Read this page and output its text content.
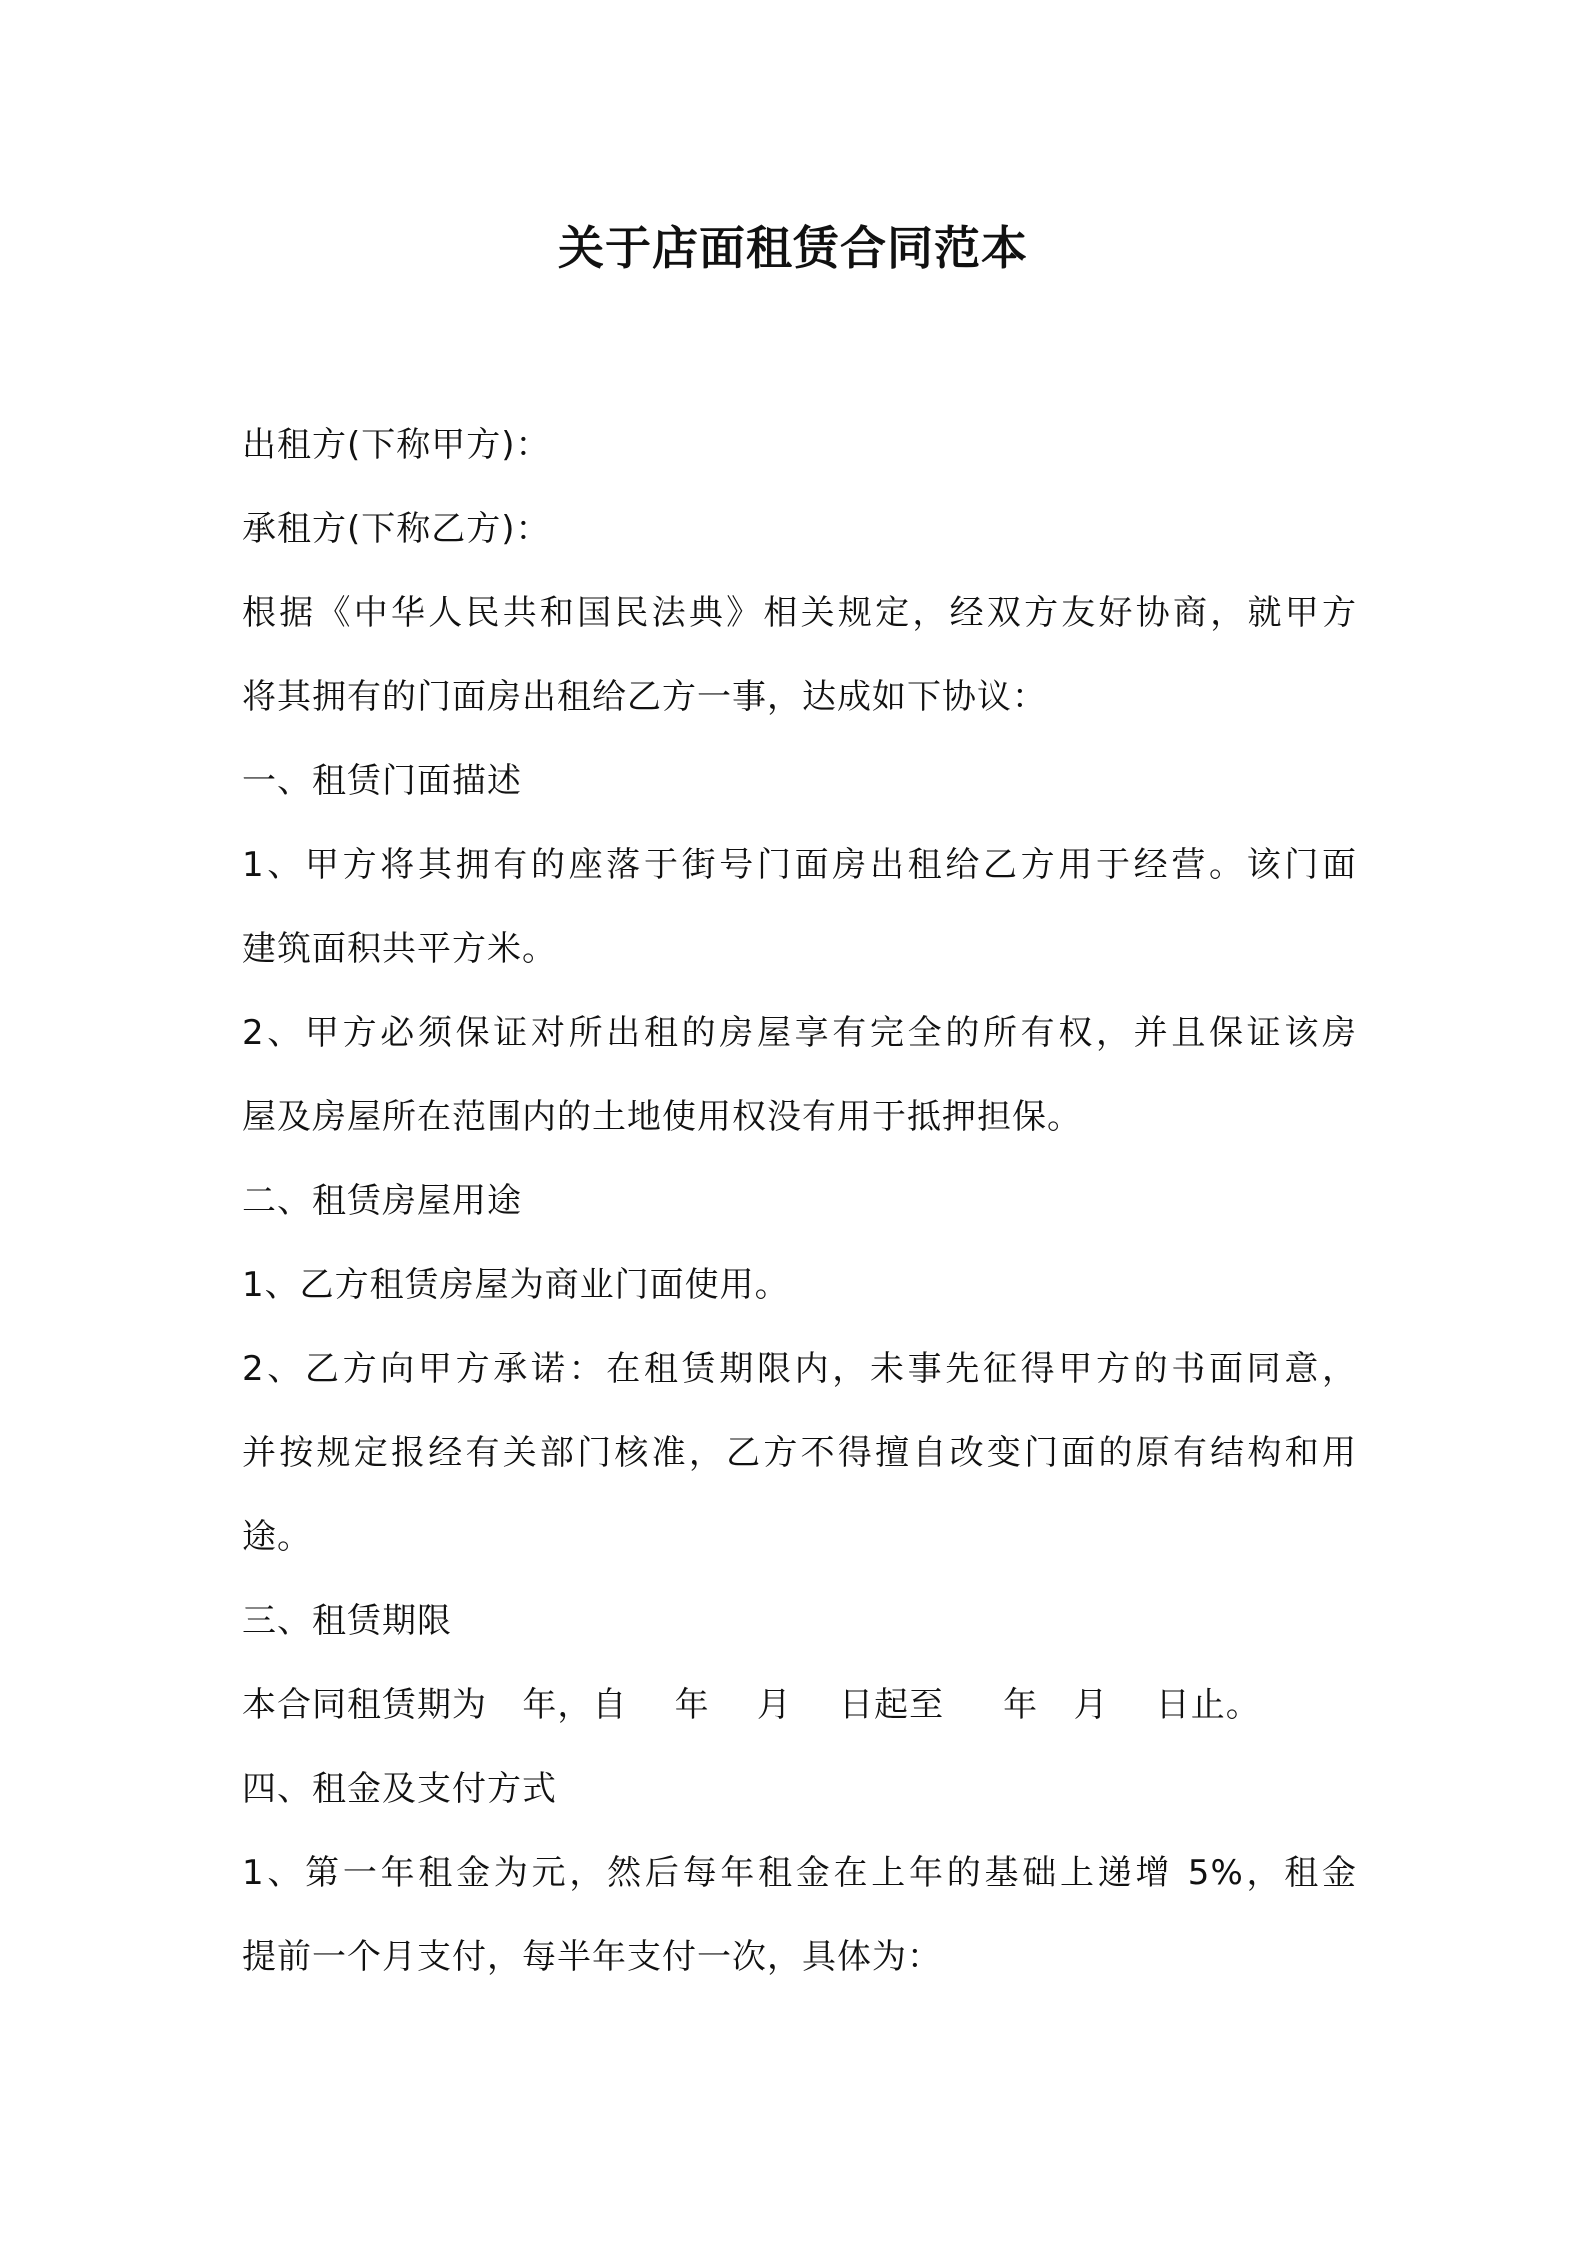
关于店面租赁合同范本

出租方(下称甲方)：

承租方(下称乙方)：

根据《中华人民共和国民法典》相关规定，经双方友好协商，就甲方

将其拥有的门面房出租给乙方一事，达成如下协议：

一、租赁门面描述

1、甲方将其拥有的座落于街号门面房出租给乙方用于经营。该门面

建筑面积共平方米。

2、甲方必须保证对所出租的房屋享有完全的所有权，并且保证该房

屋及房屋所在范围内的土地使用权没有用于抵押担保。

二、租赁房屋用途

1、乙方租赁房屋为商业门面使用。

2、乙方向甲方承诺：在租赁期限内，未事先征得甲方的书面同意，

并按规定报经有关部门核准，乙方不得擅自改变门面的原有结构和用

途。

三、租赁期限

本合同租赁期为   年，自    年    月    日起至     年   月    日止。

四、租金及支付方式

1、第一年租金为元，然后每年租金在上年的基础上递增 5%，租金

提前一个月支付，每半年支付一次，具体为：
